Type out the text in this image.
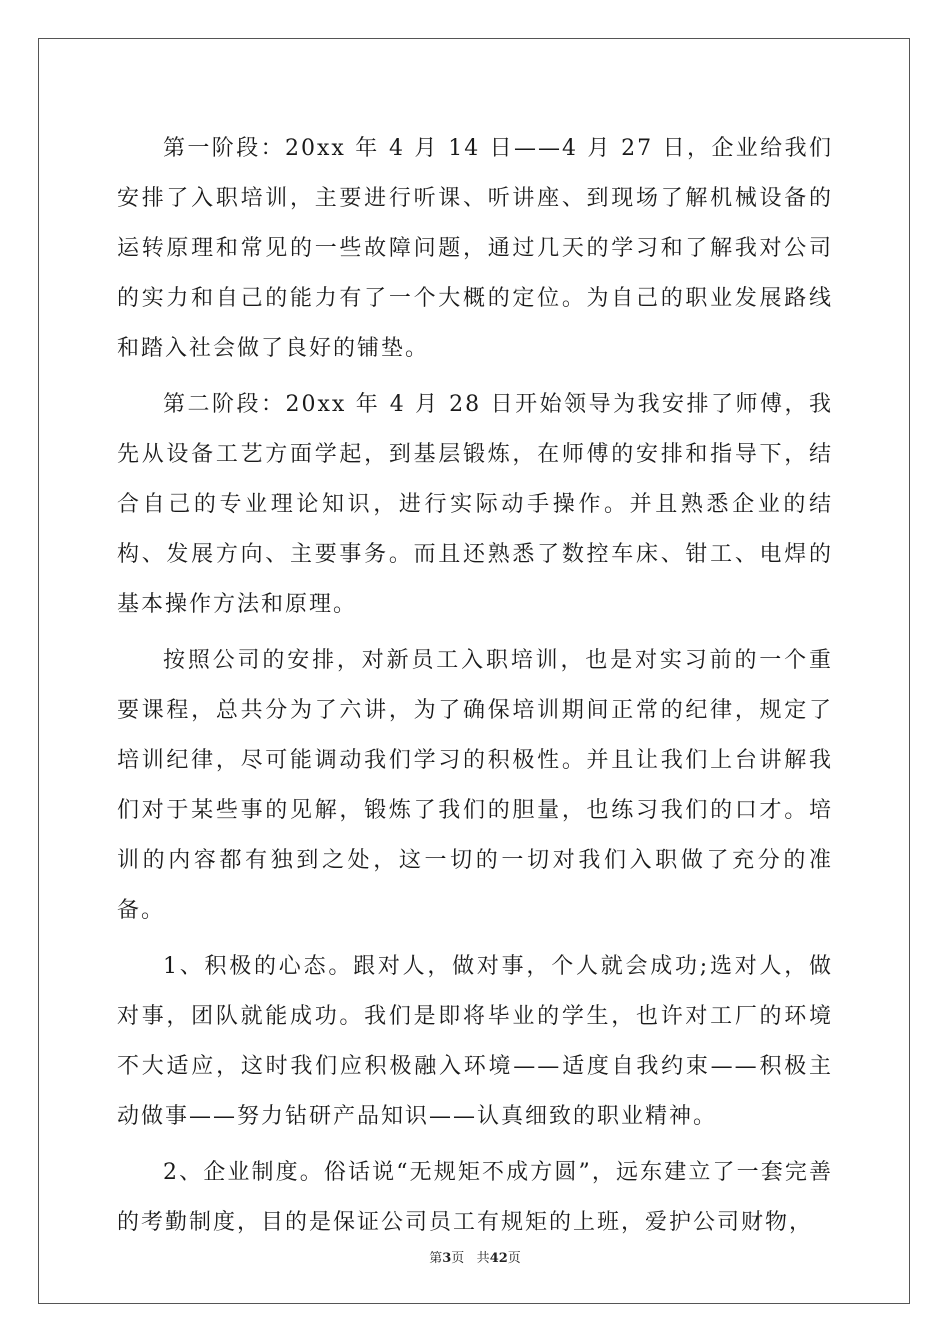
第一阶段：20xx 年 4 月 14 日——4 月 27 日，企业给我们安排了入职培训，主要进行听课、听讲座、到现场了解机械设备的运转原理和常见的一些故障问题，通过几天的学习和了解我对公司的实力和自己的能力有了一个大概的定位。为自己的职业发展路线和踏入社会做了良好的铺垫。

第二阶段：20xx 年 4 月 28 日开始领导为我安排了师傅，我先从设备工艺方面学起，到基层锻炼，在师傅的安排和指导下，结合自己的专业理论知识，进行实际动手操作。并且熟悉企业的结构、发展方向、主要事务。而且还熟悉了数控车床、钳工、电焊的基本操作方法和原理。

按照公司的安排，对新员工入职培训，也是对实习前的一个重要课程，总共分为了六讲，为了确保培训期间正常的纪律，规定了培训纪律，尽可能调动我们学习的积极性。并且让我们上台讲解我们对于某些事的见解，锻炼了我们的胆量，也练习我们的口才。培训的内容都有独到之处，这一切的一切对我们入职做了充分的准备。

1、积极的心态。跟对人，做对事，个人就会成功;选对人，做对事，团队就能成功。我们是即将毕业的学生，也许对工厂的环境不大适应，这时我们应积极融入环境——适度自我约束——积极主动做事——努力钻研产品知识——认真细致的职业精神。

2、企业制度。俗话说“无规矩不成方圆”，远东建立了一套完善的考勤制度，目的是保证公司员工有规矩的上班，爱护公司财物，

第3页 共42页
